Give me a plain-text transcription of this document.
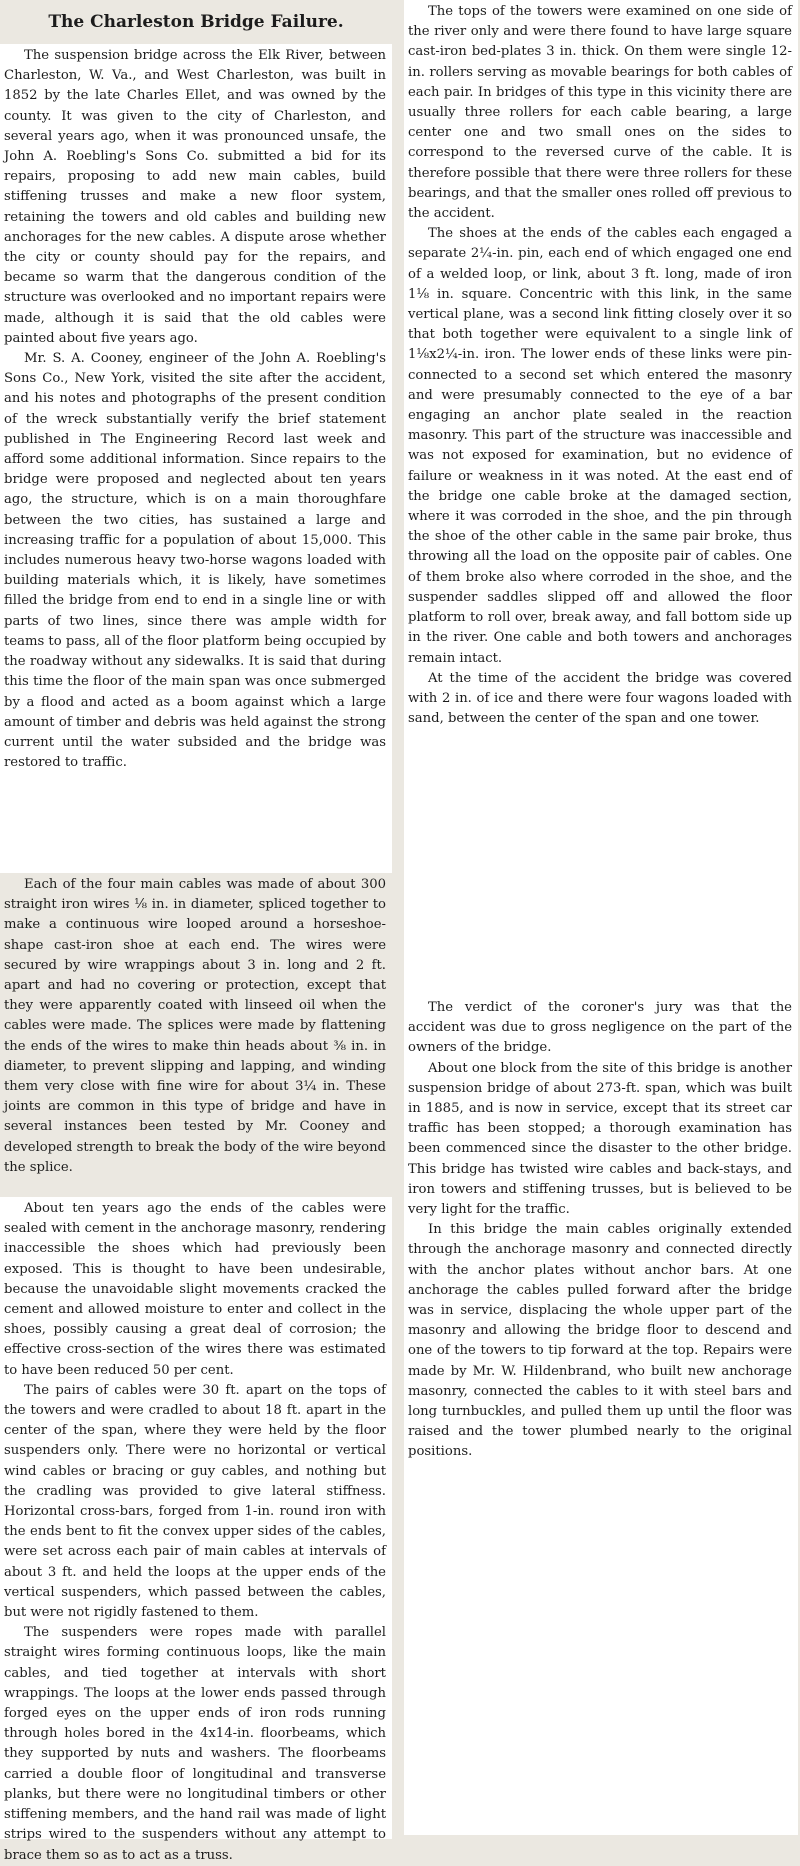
The Charleston Bridge Failure.

The suspension bridge across the Elk River, between Charleston, W. Va., and West Charleston, was built in 1852 by the late Charles Ellet, and was owned by the county. It was given to the city of Charleston, and several years ago, when it was pronounced unsafe, the John A. Roebling's Sons Co. submitted a bid for its repairs, proposing to add new main cables, build stiffening trusses and make a new floor system, retaining the towers and old cables and building new anchorages for the new cables. A dispute arose whether the city or county should pay for the repairs, and became so warm that the dangerous condition of the structure was overlooked and no important repairs were made, although it is said that the old cables were painted about five years ago.

Mr. S. A. Cooney, engineer of the John A. Roebling's Sons Co., New York, visited the site after the accident, and his notes and photographs of the present condition of the wreck substantially verify the brief statement published in The Engineering Record last week and afford some additional information. Since repairs to the bridge were proposed and neglected about ten years ago, the structure, which is on a main thoroughfare between the two cities, has sustained a large and increasing traffic for a population of about 15,000. This includes numerous heavy two-horse wagons loaded with building materials which, it is likely, have sometimes filled the bridge from end to end in a single line or with parts of two lines, since there was ample width for teams to pass, all of the floor platform being occupied by the roadway without any sidewalks. It is said that during this time the floor of the main span was once submerged by a flood and acted as a boom against which a large amount of timber and debris was held against the strong current until the water subsided and the bridge was restored to traffic.

Each of the four main cables was made of about 300 straight iron wires ⅛ in. in diameter, spliced together to make a continuous wire looped around a horseshoe-shape cast-iron shoe at each end. The wires were secured by wire wrappings about 3 in. long and 2 ft. apart and had no covering or protection, except that they were apparently coated with linseed oil when the cables were made. The splices were made by flattening the ends of the wires to make thin heads about ⅜ in. in diameter, to prevent slipping and lapping, and winding them very close with fine wire for about 3¼ in. These joints are common in this type of bridge and have in several instances been tested by Mr. Cooney and developed strength to break the body of the wire beyond the splice.

About ten years ago the ends of the cables were sealed with cement in the anchorage masonry, rendering inaccessible the shoes which had previously been exposed. This is thought to have been undesirable, because the unavoidable slight movements cracked the cement and allowed moisture to enter and collect in the shoes, possibly causing a great deal of corrosion; the effective cross-section of the wires there was estimated to have been reduced 50 per cent.

The pairs of cables were 30 ft. apart on the tops of the towers and were cradled to about 18 ft. apart in the center of the span, where they were held by the floor suspenders only. There were no horizontal or vertical wind cables or bracing or guy cables, and nothing but the cradling was provided to give lateral stiffness. Horizontal cross-bars, forged from 1-in. round iron with the ends bent to fit the convex upper sides of the cables, were set across each pair of main cables at intervals of about 3 ft. and held the loops at the upper ends of the vertical suspenders, which passed between the cables, but were not rigidly fastened to them.

The suspenders were ropes made with parallel straight wires forming continuous loops, like the main cables, and tied together at intervals with short wrappings. The loops at the lower ends passed through forged eyes on the upper ends of iron rods running through holes bored in the 4x14-in. floorbeams, which they supported by nuts and washers. The floorbeams carried a double floor of longitudinal and transverse planks, but there were no longitudinal timbers or other stiffening members, and the hand rail was made of light strips wired to the suspenders without any attempt to brace them so as to act as a truss.

The tops of the towers were examined on one side of the river only and were there found to have large square cast-iron bed-plates 3 in. thick. On them were single 12-in. rollers serving as movable bearings for both cables of each pair. In bridges of this type in this vicinity there are usually three rollers for each cable bearing, a large center one and two small ones on the sides to correspond to the reversed curve of the cable. It is therefore possible that there were three rollers for these bearings, and that the smaller ones rolled off previous to the accident.

The shoes at the ends of the cables each engaged a separate 2¼-in. pin, each end of which engaged one end of a welded loop, or link, about 3 ft. long, made of iron 1⅛ in. square. Concentric with this link, in the same vertical plane, was a second link fitting closely over it so that both together were equivalent to a single link of 1⅛x2¼-in. iron. The lower ends of these links were pin-connected to a second set which entered the masonry and were presumably connected to the eye of a bar engaging an anchor plate sealed in the reaction masonry. This part of the structure was inaccessible and was not exposed for examination, but no evidence of failure or weakness in it was noted. At the east end of the bridge one cable broke at the damaged section, where it was corroded in the shoe, and the pin through the shoe of the other cable in the same pair broke, thus throwing all the load on the opposite pair of cables. One of them broke also where corroded in the shoe, and the suspender saddles slipped off and allowed the floor platform to roll over, break away, and fall bottom side up in the river. One cable and both towers and anchorages remain intact.

At the time of the accident the bridge was covered with 2 in. of ice and there were four wagons loaded with sand, between the center of the span and one tower.

The verdict of the coroner's jury was that the accident was due to gross negligence on the part of the owners of the bridge.

About one block from the site of this bridge is another suspension bridge of about 273-ft. span, which was built in 1885, and is now in service, except that its street car traffic has been stopped; a thorough examination has been commenced since the disaster to the other bridge. This bridge has twisted wire cables and back-stays, and iron towers and stiffening trusses, but is believed to be very light for the traffic.

In this bridge the main cables originally extended through the anchorage masonry and connected directly with the anchor plates without anchor bars. At one anchorage the cables pulled forward after the bridge was in service, displacing the whole upper part of the masonry and allowing the bridge floor to descend and one of the towers to tip forward at the top. Repairs were made by Mr. W. Hildenbrand, who built new anchorage masonry, connected the cables to it with steel bars and long turnbuckles, and pulled them up until the floor was raised and the tower plumbed nearly to the original positions.
